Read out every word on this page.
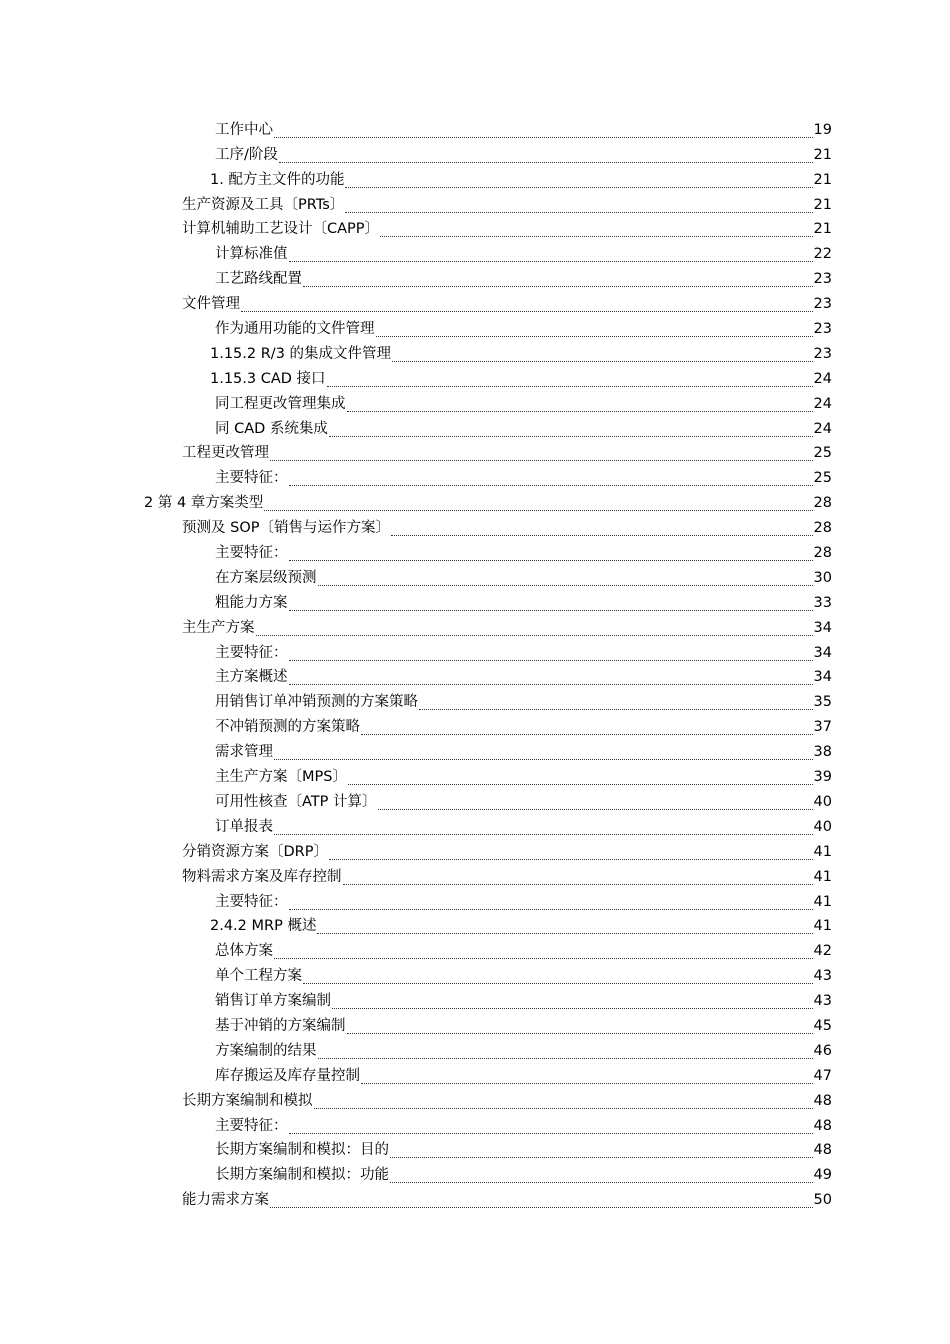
工作中心	19
工序/阶段	21
1. 配方主文件的功能	21
生产资源及工具〔PRTs〕	21
计算机辅助工艺设计〔CAPP〕	21
计算标准值	22
工艺路线配置	23
文件管理	23
作为通用功能的文件管理	23
1.15.2 R/3 的集成文件管理	23
1.15.3 CAD 接口	24
同工程更改管理集成	24
同 CAD 系统集成	24
工程更改管理	25
主要特征：	25
2 第 4 章方案类型	28
预测及 SOP〔销售与运作方案〕	28
主要特征：	28
在方案层级预测	30
粗能力方案	33
主生产方案	34
主要特征：	34
主方案概述	34
用销售订单冲销预测的方案策略	35
不冲销预测的方案策略	37
需求管理	38
主生产方案〔MPS〕	39
可用性核查〔ATP 计算〕	40
订单报表	40
分销资源方案〔DRP〕	41
物料需求方案及库存控制	41
主要特征：	41
2.4.2 MRP 概述	41
总体方案	42
单个工程方案	43
销售订单方案编制	43
基于冲销的方案编制	45
方案编制的结果	46
库存搬运及库存量控制	47
长期方案编制和模拟	48
主要特征：	48
长期方案编制和模拟：目的	48
长期方案编制和模拟：功能	49
能力需求方案	50
